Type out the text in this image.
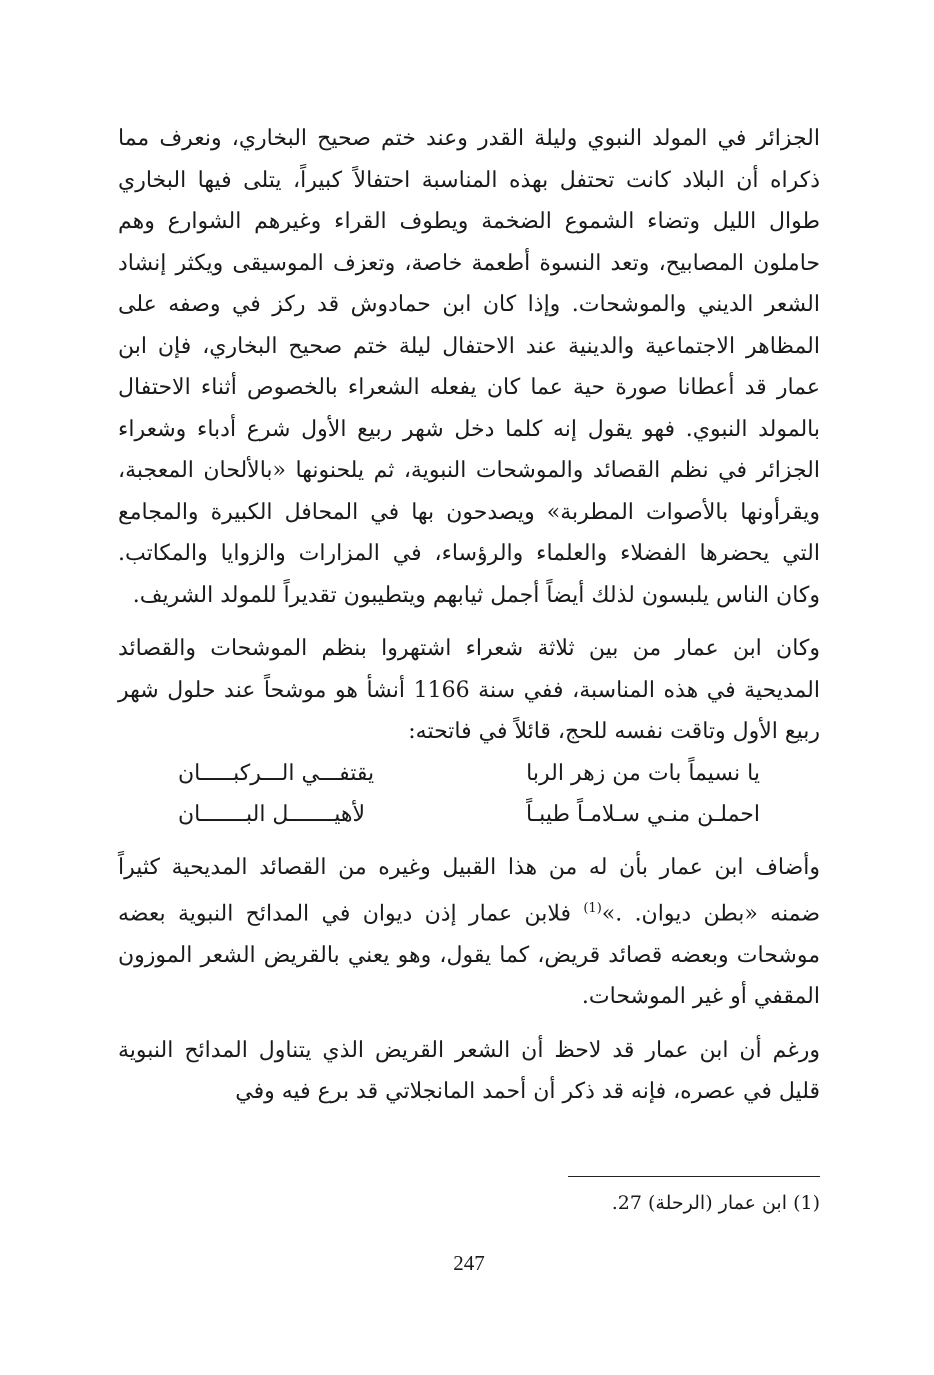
الجزائر في المولد النبوي وليلة القدر وعند ختم صحيح البخاري، ونعرف مما ذكراه أن البلاد كانت تحتفل بهذه المناسبة احتفالاً كبيراً، يتلى فيها البخاري طوال الليل وتضاء الشموع الضخمة ويطوف القراء وغيرهم الشوارع وهم حاملون المصابيح، وتعد النسوة أطعمة خاصة، وتعزف الموسيقى ويكثر إنشاد الشعر الديني والموشحات. وإذا كان ابن حمادوش قد ركز في وصفه على المظاهر الاجتماعية والدينية عند الاحتفال ليلة ختم صحيح البخاري، فإن ابن عمار قد أعطانا صورة حية عما كان يفعله الشعراء بالخصوص أثناء الاحتفال بالمولد النبوي. فهو يقول إنه كلما دخل شهر ربيع الأول شرع أدباء وشعراء الجزائر في نظم القصائد والموشحات النبوية، ثم يلحنونها «بالألحان المعجبة، ويقرأونها بالأصوات المطربة» ويصدحون بها في المحافل الكبيرة والمجامع التي يحضرها الفضلاء والعلماء والرؤساء، في المزارات والزوايا والمكاتب. وكان الناس يلبسون لذلك أيضاً أجمل ثيابهم ويتطيبون تقديراً للمولد الشريف.

وكان ابن عمار من بين ثلاثة شعراء اشتهروا بنظم الموشحات والقصائد المديحية في هذه المناسبة، ففي سنة 1166 أنشأ هو موشحاً عند حلول شهر ربيع الأول وتاقت نفسه للحج، قائلاً في فاتحته:

يا نسيماً بات من زهر الربا
يقتفـــي الـــركبـــــان
احملـن منـي سـلامـاً طيبـاً
لأهيـــــــل البـــــــان

وأضاف ابن عمار بأن له من هذا القبيل وغيره من القصائد المديحية كثيراً ضمنه «بطن ديوان. .»$^{(1)}$ فلابن عمار إذن ديوان في المدائح النبوية بعضه موشحات وبعضه قصائد قريض، كما يقول، وهو يعني بالقريض الشعر الموزون المقفي أو غير الموشحات.

ورغم أن ابن عمار قد لاحظ أن الشعر القريض الذي يتناول المدائح النبوية قليل في عصره، فإنه قد ذكر أن أحمد المانجلاتي قد برع فيه وفي

(1) ابن عمار (الرحلة) 27.
247
